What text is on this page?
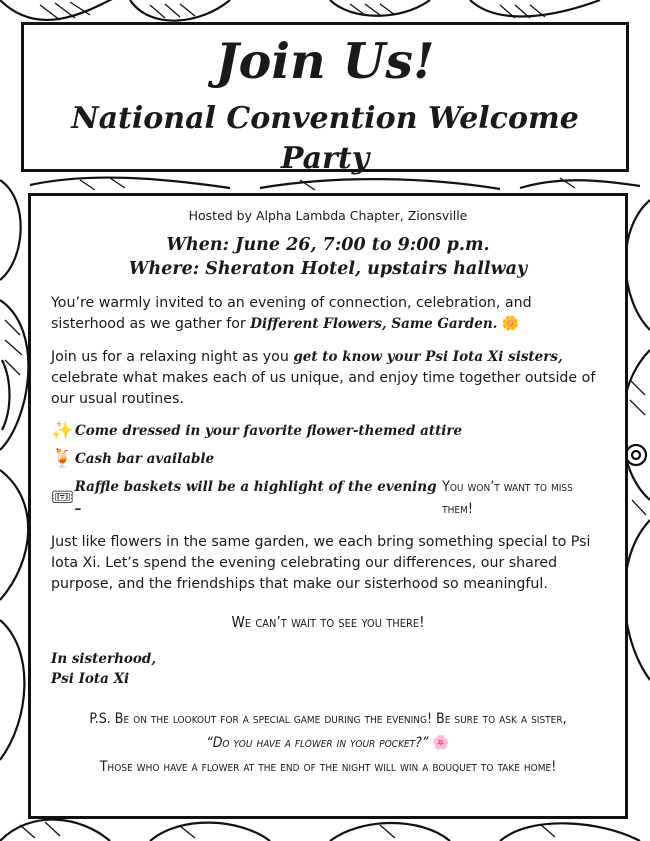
Join Us!
National Convention Welcome Party
Hosted by Alpha Lambda Chapter, Zionsville
When: June 26, 7:00 to 9:00 p.m.
Where: Sheraton Hotel, upstairs hallway

You’re warmly invited to an evening of connection, celebration, and sisterhood as we gather for Different Flowers, Same Garden. 🌼

Join us for a relaxing night as you get to know your Psi Iota Xi sisters, celebrate what makes each of us unique, and enjoy time together outside of our usual routines.

✨ Come dressed in your favorite flower-themed attire
🍹 Cash bar available
🎟 Raffle baskets will be a highlight of the evening –
You won’t want to miss them!

Just like flowers in the same garden, we each bring something special to Psi Iota Xi. Let’s spend the evening celebrating our differences, our shared purpose, and the friendships that make our sisterhood so meaningful.

We can’t wait to see you there!
In sisterhood,
Psi Iota Xi
P.S. Be on the lookout for a special game during the evening! Be sure to ask a sister,
“Do you have a flower in your pocket?” 🌸
Those who have a flower at the end of the night will win a bouquet to take home!
